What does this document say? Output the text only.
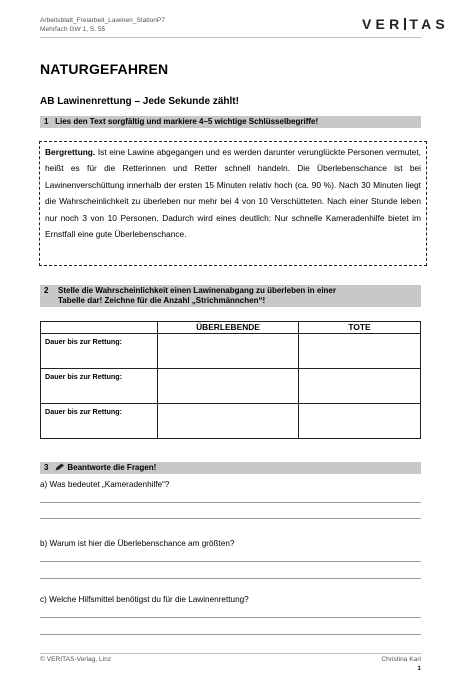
Arbeitsblatt_Freiarbeit_Lawinen_StationP7
Mehrfach GW 1, S. 55	VER TAS
NATURGEFAHREN
AB Lawinenrettung – Jede Sekunde zählt!
1 Lies den Text sorgfältig und markiere 4–5 wichtige Schlüsselbegriffe!

Bergrettung. Ist eine Lawine abgegangen und es werden darunter verunglückte Personen vermutet, heißt es für die Retterinnen und Retter schnell handeln. Die Überlebenschance ist bei Lawinenverschüttung innerhalb der ersten 15 Minuten relativ hoch (ca. 90 %). Nach 30 Minuten liegt die Wahrscheinlichkeit zu überleben nur mehr bei 4 von 10 Verschütteten. Nach einer Stunde leben nur noch 3 von 10 Personen. Dadurch wird eines deutlich: Nur schnelle Kameradenhilfe bietet im Ernstfall eine gute Überlebenschance.

2	Stelle die Wahrscheinlichkeit einen Lawinenabgang zu überleben in einer
Tabelle dar! Zeichne für die Anzahl „Strichmännchen“!
	ÜBERLEBENDE	TOTE
Dauer bis zur Rettung:		
Dauer bis zur Rettung:		
Dauer bis zur Rettung:		
3 Beantworte die Fragen!
a) Was bedeutet „Kameradenhilfe“?
b) Warum ist hier die Überlebenschance am größten?
c) Welche Hilfsmittel benötigst du für die Lawinenrettung?
© VERITAS-Verlag, Linz	Christina Karl
1
